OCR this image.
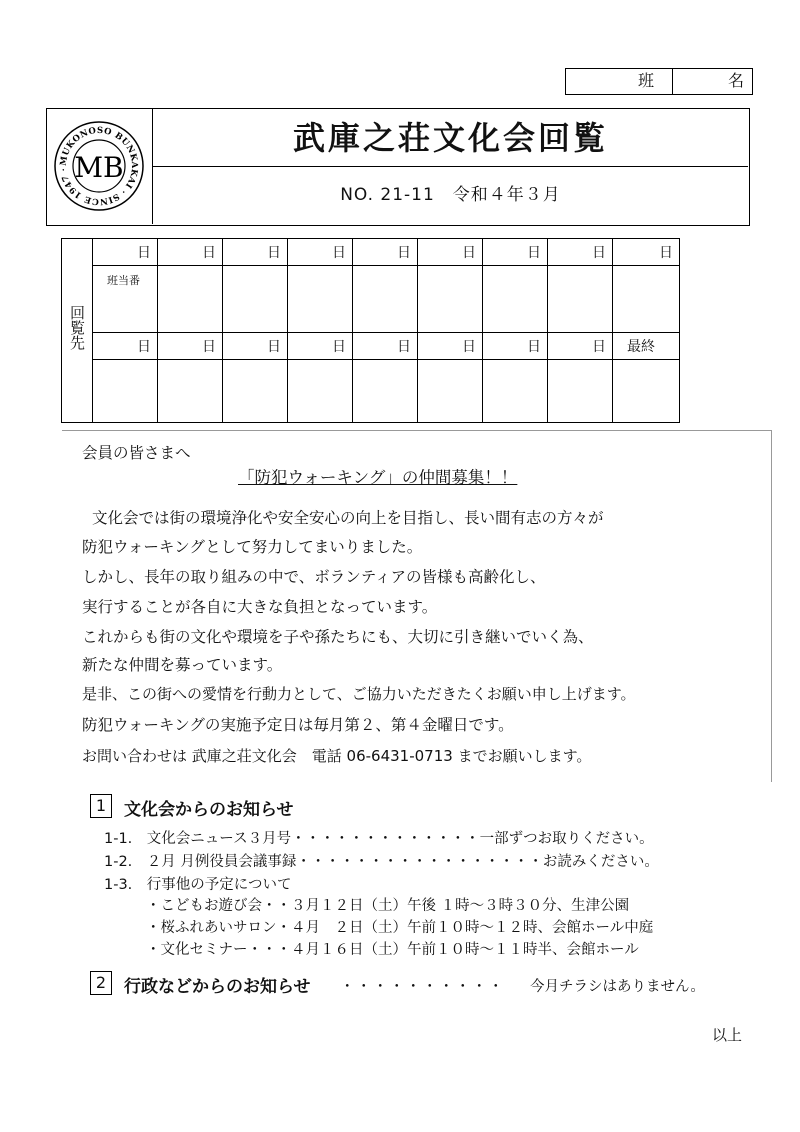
班	名
MUKONOSO BUNKAKAI · SINCE 1947 · MB
武庫之荘文化会回覧
NO. 21-11　令和４年３月
回覧先	日	日	日	日	日	日	日	日	日
	班当番								
	日	日	日	日	日	日	日	日	最終

会員の皆さまへ
「防犯ウォーキング」の仲間募集！！
文化会では街の環境浄化や安全安心の向上を目指し、長い間有志の方々が
防犯ウォーキングとして努力してまいりました。
しかし、長年の取り組みの中で、ボランティアの皆様も高齢化し、
実行することが各自に大きな負担となっています。
これからも街の文化や環境を子や孫たちにも、大切に引き継いでいく為、
新たな仲間を募っています。
是非、この街への愛情を行動力として、ご協力いただきたくお願い申し上げます。
防犯ウォーキングの実施予定日は毎月第２、第４金曜日です。
お問い合わせは 武庫之荘文化会　電話 06-6431-0713 までお願いします。
1	文化会からのお知らせ
1-1.　文化会ニュース３月号・・・・・・・・・・・・・一部ずつお取りください。
1-2.　２月 月例役員会議事録・・・・・・・・・・・・・・・・・お読みください。
1-3.　行事他の予定について
・こどもお遊び会・・３月１２日（土）午後 １時～３時３０分、生津公園
・桜ふれあいサロン・４月　２日（土）午前１０時～１２時、会館ホール中庭
・文化セミナー・・・４月１６日（土）午前１０時～１１時半、会館ホール
2	行政などからのお知らせ ・・・・・・・・・・ 今月チラシはありません。
以上
